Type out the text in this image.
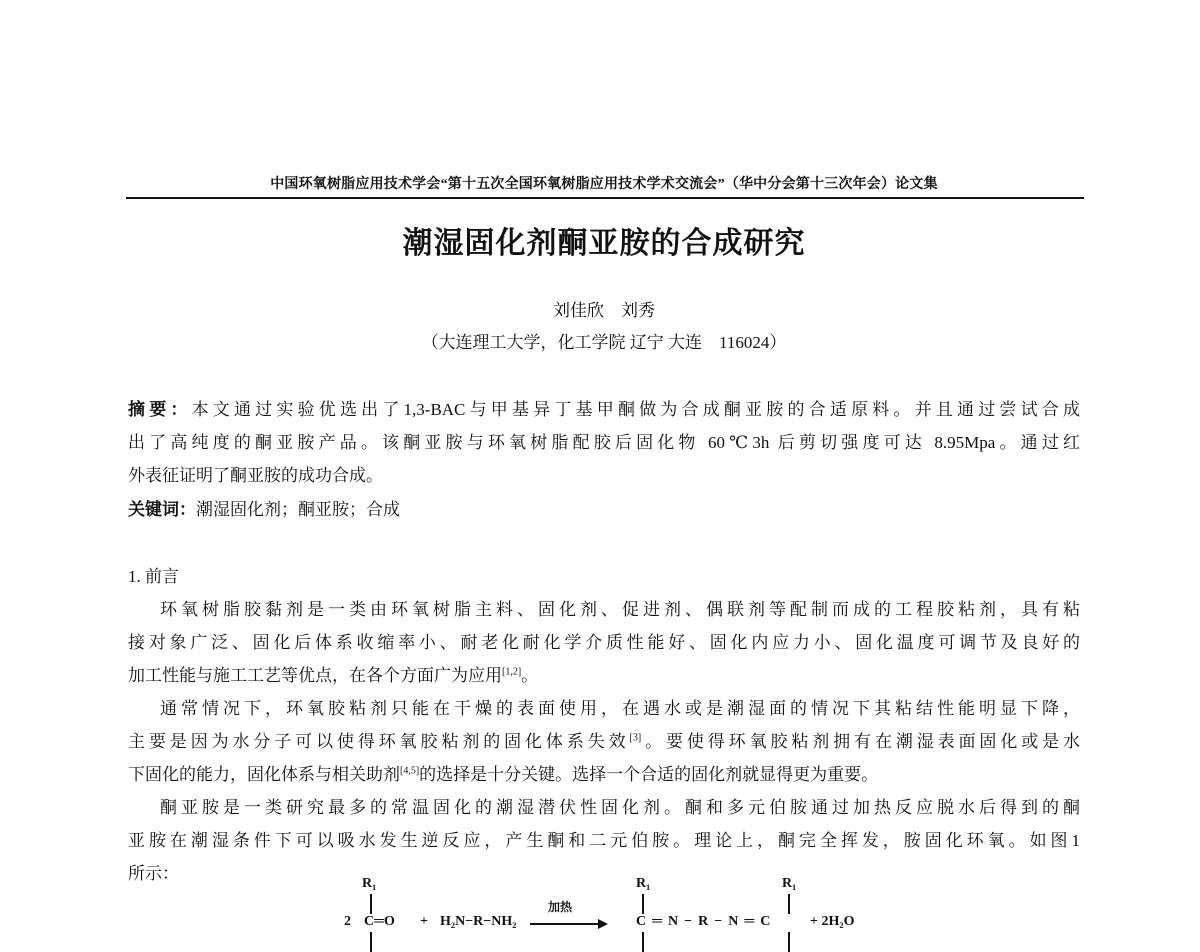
中国环氧树脂应用技术学会“第十五次全国环氧树脂应用技术学术交流会”（华中分会第十三次年会）论文集
潮湿固化剂酮亚胺的合成研究
刘佳欣　刘秀
（大连理工大学，化工学院 辽宁 大连　116024）
摘要：本文通过实验优选出了1,3-BAC与甲基异丁基甲酮做为合成酮亚胺的合适原料。并且通过尝试合成
出了高纯度的酮亚胺产品。该酮亚胺与环氧树脂配胶后固化物 60℃3h 后剪切强度可达 8.95Mpa。通过红
外表征证明了酮亚胺的成功合成。
关键词：潮湿固化剂；酮亚胺；合成
1. 前言
环氧树脂胶黏剂是一类由环氧树脂主料、固化剂、促进剂、偶联剂等配制而成的工程胶粘剂，具有粘
接对象广泛、固化后体系收缩率小、耐老化耐化学介质性能好、固化内应力小、固化温度可调节及良好的
加工性能与施工工艺等优点，在各个方面广为应用[1,2]。
通常情况下，环氧胶粘剂只能在干燥的表面使用，在遇水或是潮湿面的情况下其粘结性能明显下降，
主要是因为水分子可以使得环氧胶粘剂的固化体系失效[3]。要使得环氧胶粘剂拥有在潮湿表面固化或是水
下固化的能力，固化体系与相关助剂[4,5]的选择是十分关键。选择一个合适的固化剂就显得更为重要。
酮亚胺是一类研究最多的常温固化的潮湿潜伏性固化剂。酮和多元伯胺通过加热反应脱水后得到的酮
亚胺在潮湿条件下可以吸水发生逆反应，产生酮和二元伯胺。理论上，酮完全挥发，胺固化环氧。如图1
所示：
R₁
2 C═O + H₂N−R−NH₂
加热
R₁
C═N−R−N═C
R₁
+ 2H₂O
